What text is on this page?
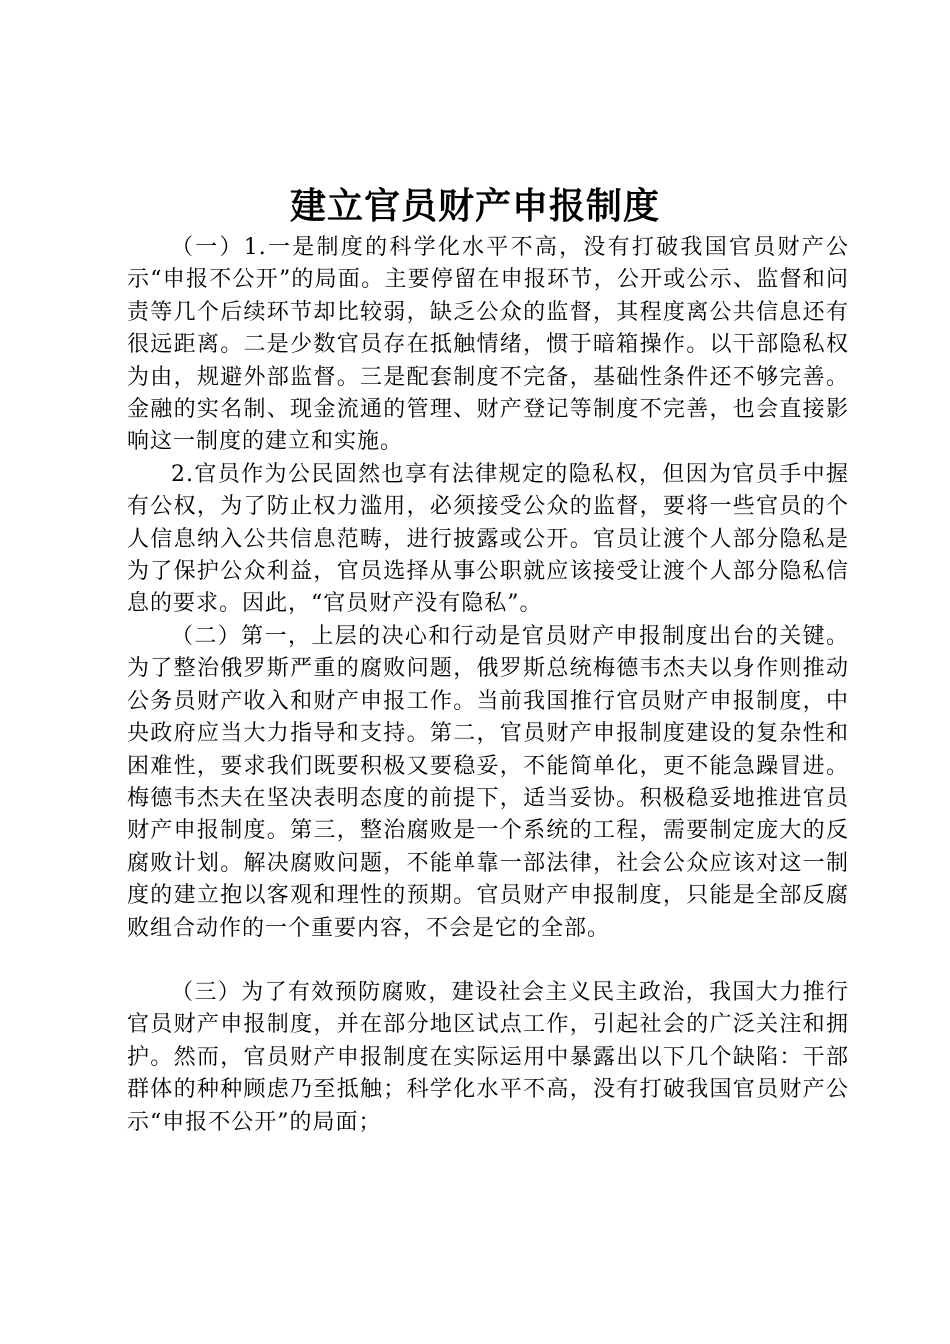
建立官员财产申报制度

（一）1.一是制度的科学化水平不高，没有打破我国官员财产公示“申报不公开”的局面。主要停留在申报环节，公开或公示、监督和问责等几个后续环节却比较弱，缺乏公众的监督，其程度离公共信息还有很远距离。二是少数官员存在抵触情绪，惯于暗箱操作。以干部隐私权为由，规避外部监督。三是配套制度不完备，基础性条件还不够完善。金融的实名制、现金流通的管理、财产登记等制度不完善，也会直接影响这一制度的建立和实施。

2.官员作为公民固然也享有法律规定的隐私权，但因为官员手中握有公权，为了防止权力滥用，必须接受公众的监督，要将一些官员的个人信息纳入公共信息范畴，进行披露或公开。官员让渡个人部分隐私是为了保护公众利益，官员选择从事公职就应该接受让渡个人部分隐私信息的要求。因此，“官员财产没有隐私”。

（二）第一，上层的决心和行动是官员财产申报制度出台的关键。为了整治俄罗斯严重的腐败问题，俄罗斯总统梅德韦杰夫以身作则推动公务员财产收入和财产申报工作。当前我国推行官员财产申报制度，中央政府应当大力指导和支持。第二，官员财产申报制度建设的复杂性和困难性，要求我们既要积极又要稳妥，不能简单化，更不能急躁冒进。梅德韦杰夫在坚决表明态度的前提下，适当妥协。积极稳妥地推进官员财产申报制度。第三，整治腐败是一个系统的工程，需要制定庞大的反腐败计划。解决腐败问题，不能单靠一部法律，社会公众应该对这一制度的建立抱以客观和理性的预期。官员财产申报制度，只能是全部反腐败组合动作的一个重要内容，不会是它的全部。

（三）为了有效预防腐败，建设社会主义民主政治，我国大力推行官员财产申报制度，并在部分地区试点工作，引起社会的广泛关注和拥护。然而，官员财产申报制度在实际运用中暴露出以下几个缺陷：干部群体的种种顾虑乃至抵触；科学化水平不高，没有打破我国官员财产公示“申报不公开”的局面；
